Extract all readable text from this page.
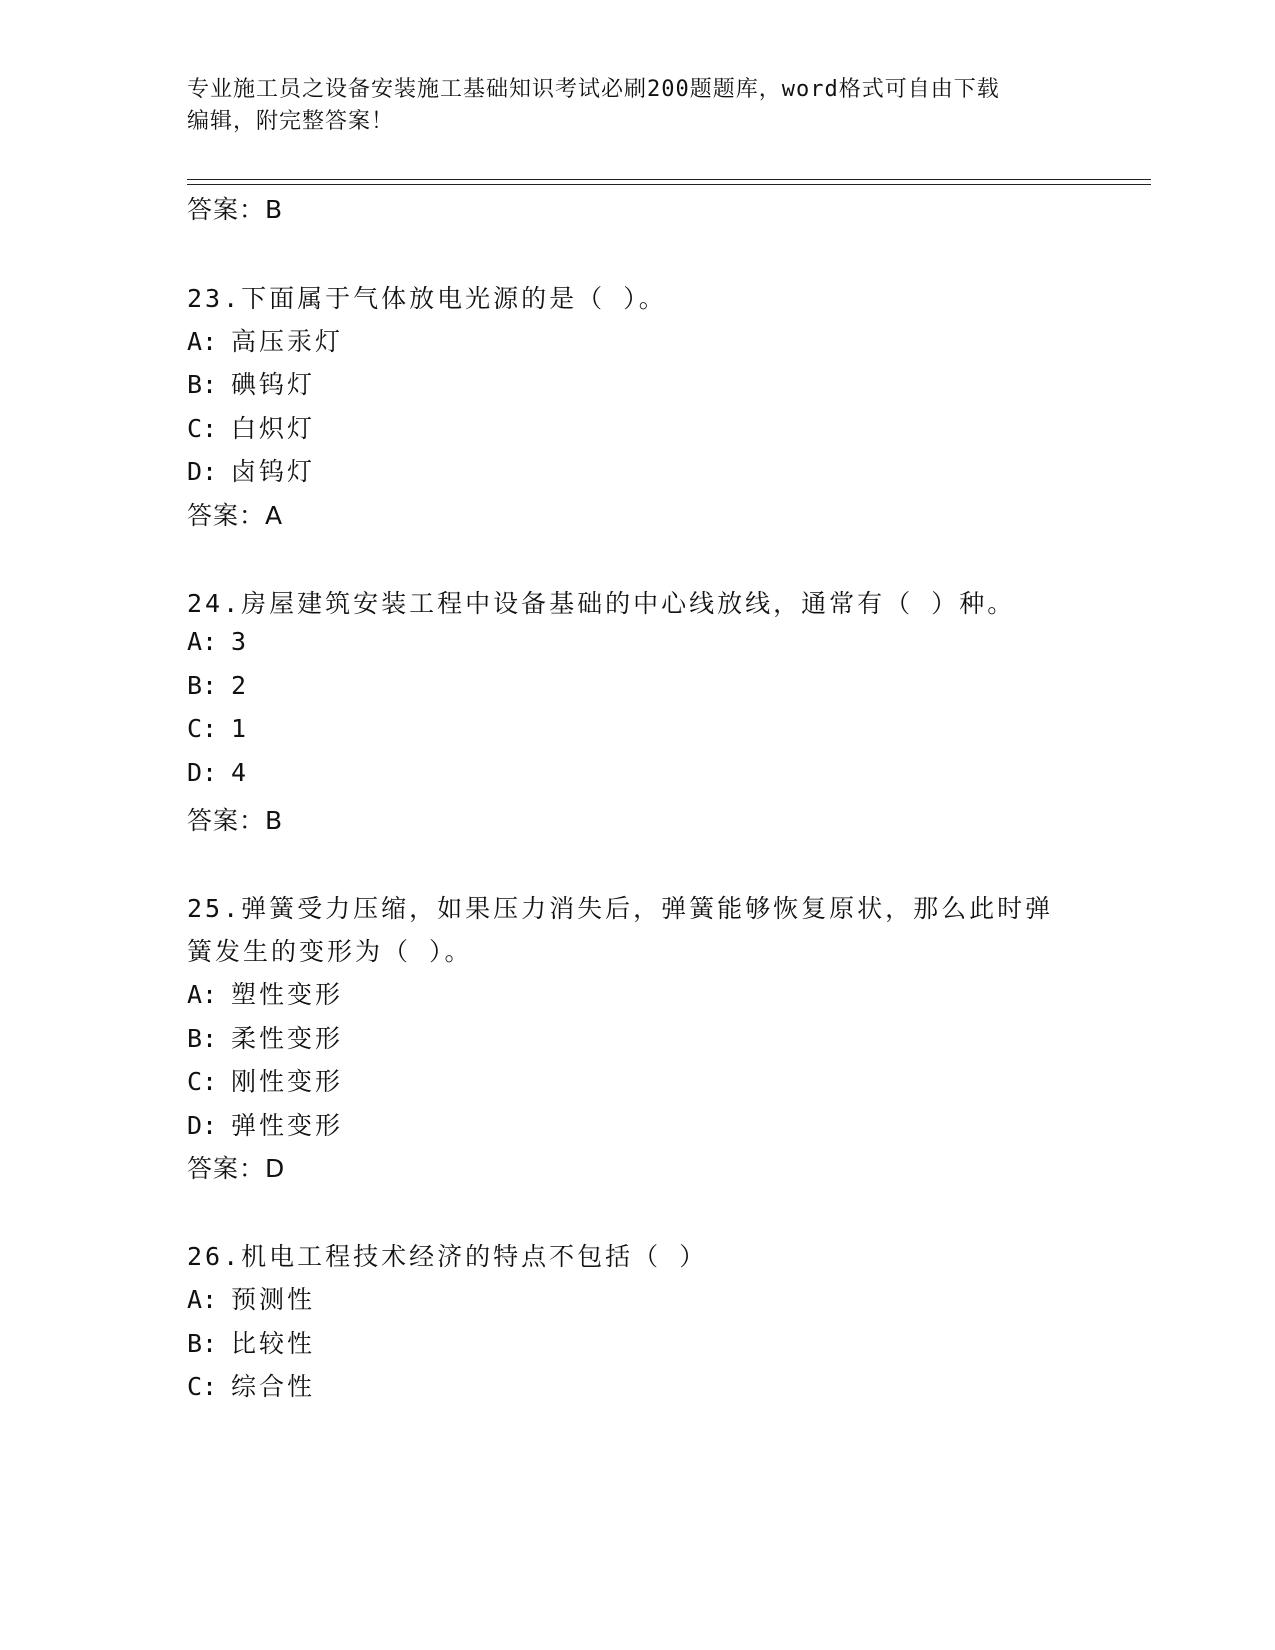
专业施工员之设备安装施工基础知识考试必刷200题题库，word格式可自由下载
编辑，附完整答案！
答案：B
23.下面属于气体放电光源的是（ ）。
A: 高压汞灯
B: 碘钨灯
C: 白炽灯
D: 卤钨灯
答案：A
24.房屋建筑安装工程中设备基础的中心线放线，通常有（ ）种。
A: 3
B: 2
C: 1
D: 4
答案：B
25.弹簧受力压缩，如果压力消失后，弹簧能够恢复原状，那么此时弹
簧发生的变形为（ ）。
A: 塑性变形
B: 柔性变形
C: 刚性变形
D: 弹性变形
答案：D
26.机电工程技术经济的特点不包括（ ）
A: 预测性
B: 比较性
C: 综合性
